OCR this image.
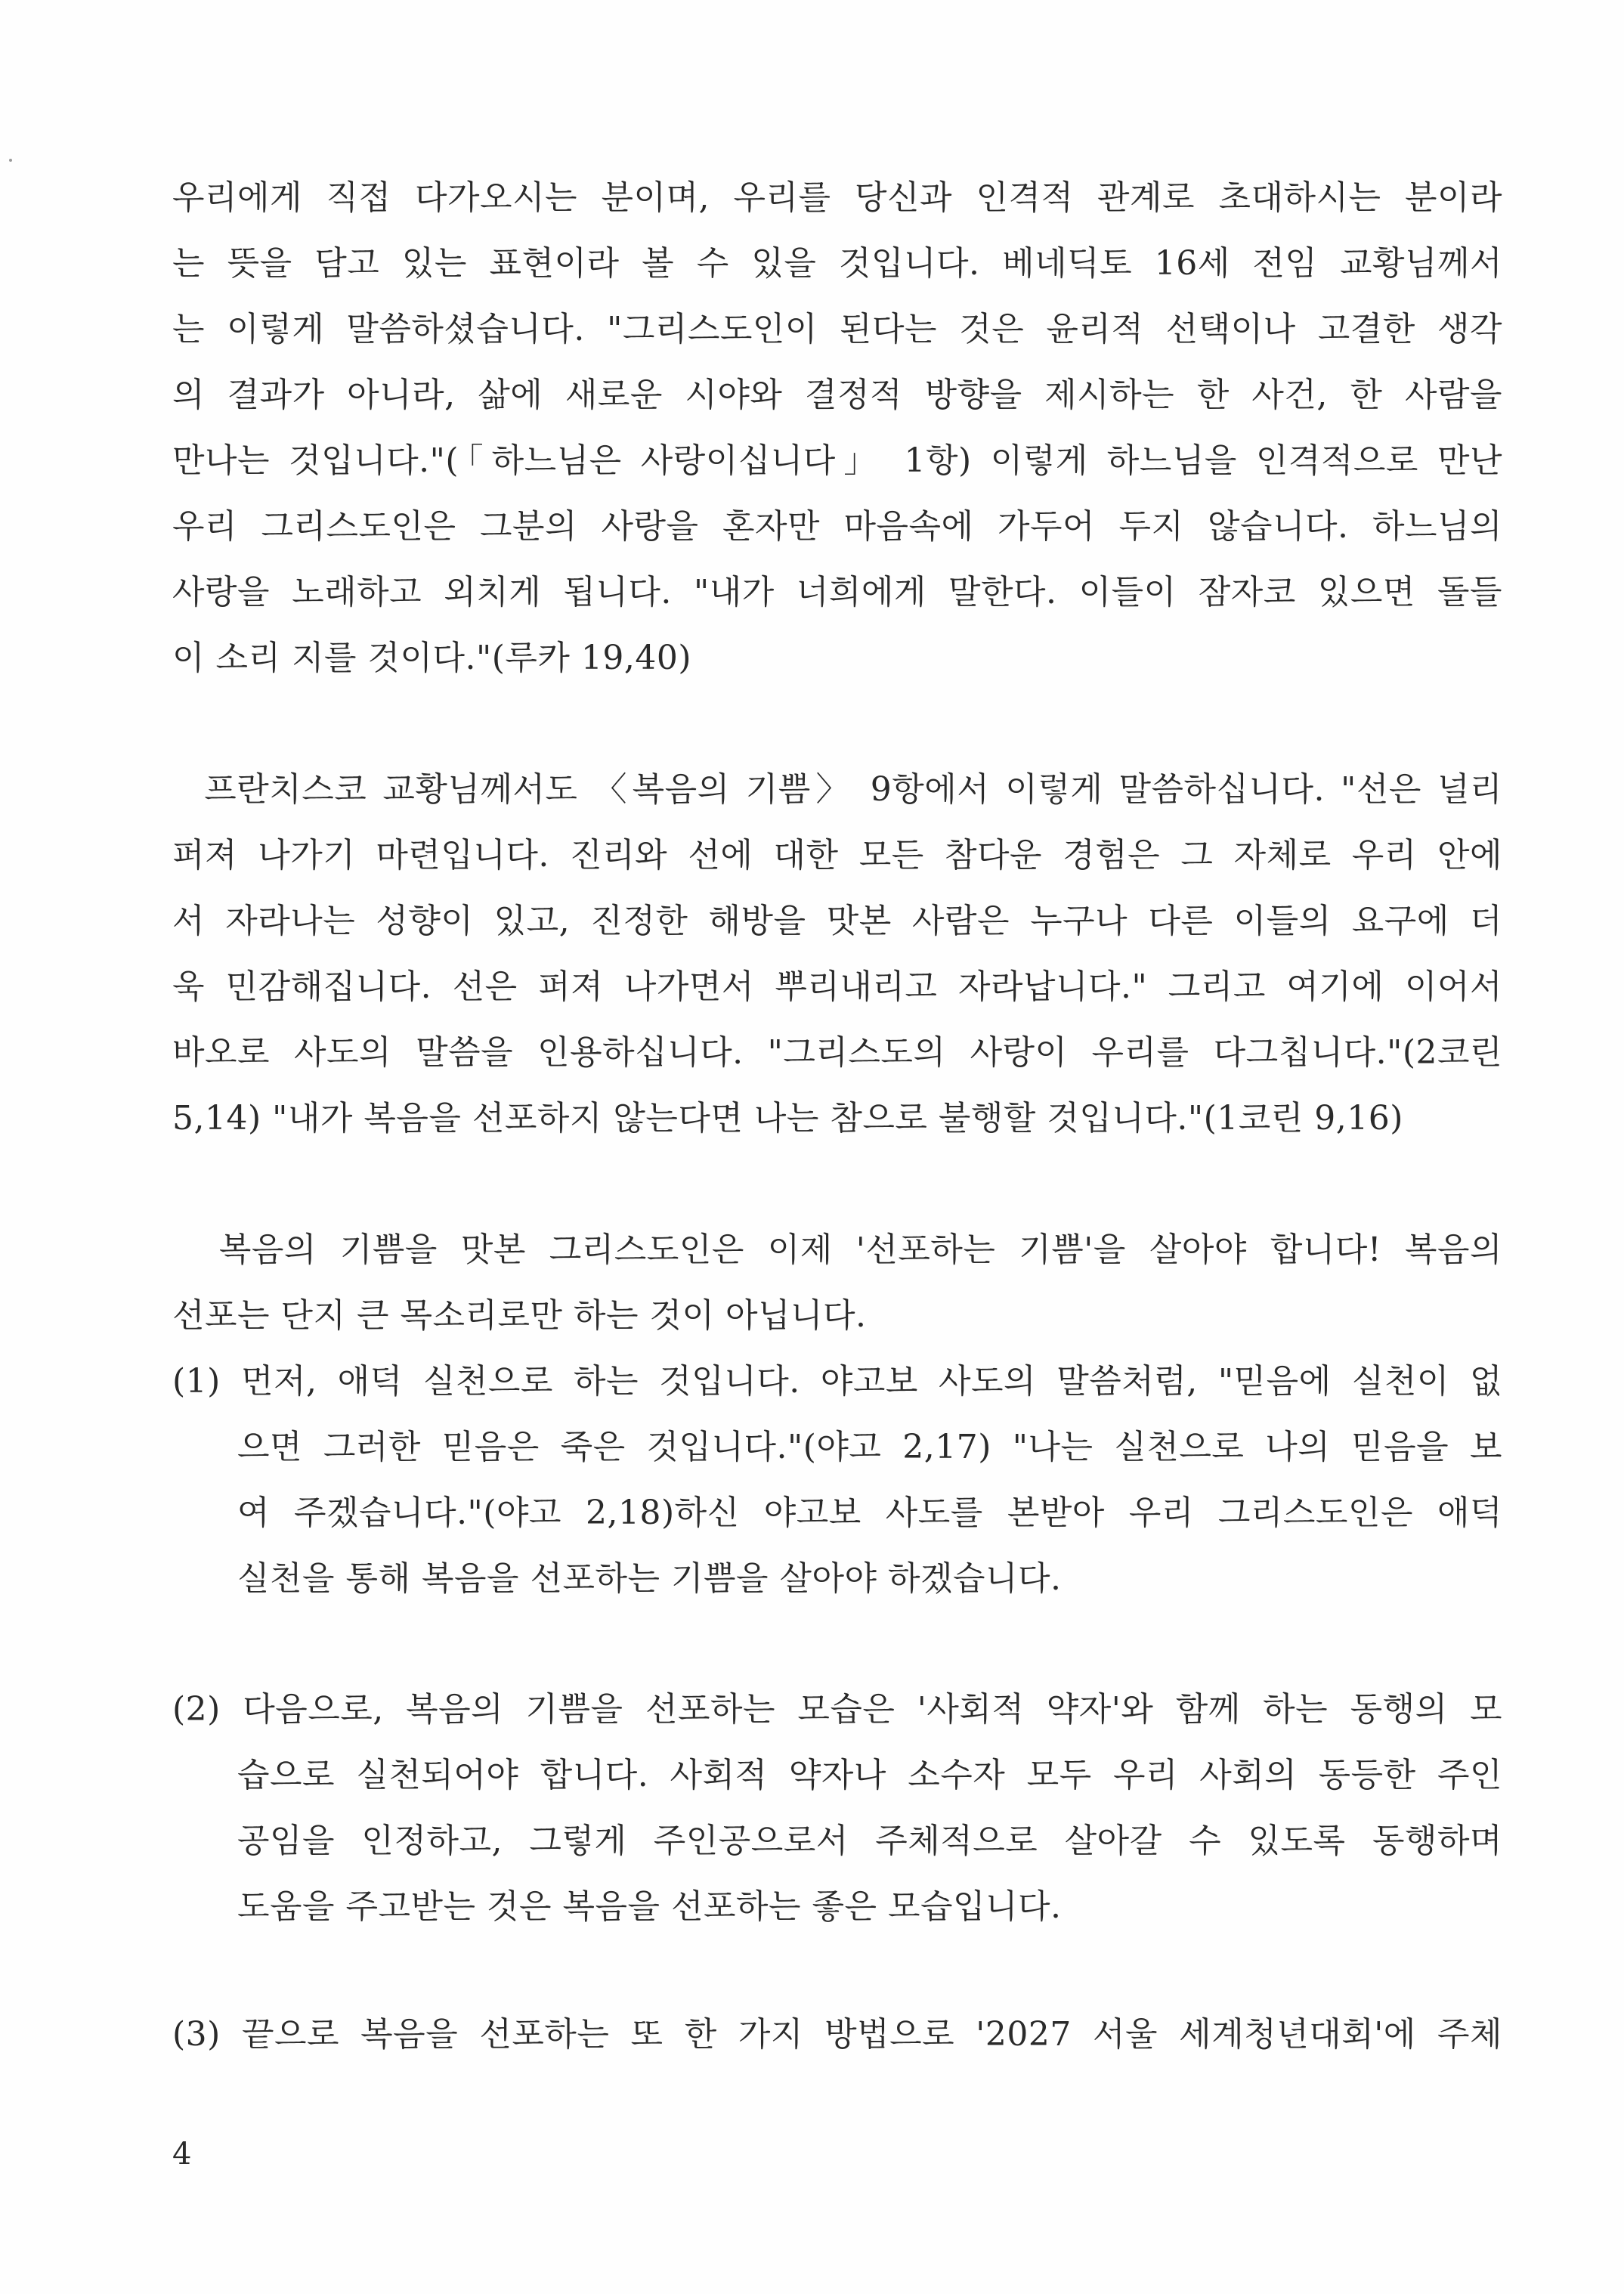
우리에게 직접 다가오시는 분이며, 우리를 당신과 인격적 관계로 초대하시는 분이라
는 뜻을 담고 있는 표현이라 볼 수 있을 것입니다. 베네딕토 16세 전임 교황님께서
는 이렇게 말씀하셨습니다. "그리스도인이 된다는 것은 윤리적 선택이나 고결한 생각
의 결과가 아니라, 삶에 새로운 시야와 결정적 방향을 제시하는 한 사건, 한 사람을
만나는 것입니다."(「하느님은 사랑이십니다」 1항) 이렇게 하느님을 인격적으로 만난
우리 그리스도인은 그분의 사랑을 혼자만 마음속에 가두어 두지 않습니다. 하느님의
사랑을 노래하고 외치게 됩니다. "내가 너희에게 말한다. 이들이 잠자코 있으면 돌들
이 소리 지를 것이다."(루카 19,40)
프란치스코 교황님께서도 〈복음의 기쁨〉 9항에서 이렇게 말씀하십니다. "선은 널리
퍼져 나가기 마련입니다. 진리와 선에 대한 모든 참다운 경험은 그 자체로 우리 안에
서 자라나는 성향이 있고, 진정한 해방을 맛본 사람은 누구나 다른 이들의 요구에 더
욱 민감해집니다. 선은 퍼져 나가면서 뿌리내리고 자라납니다." 그리고 여기에 이어서
바오로 사도의 말씀을 인용하십니다. "그리스도의 사랑이 우리를 다그칩니다."(2코린
5,14) "내가 복음을 선포하지 않는다면 나는 참으로 불행할 것입니다."(1코린 9,16)
복음의 기쁨을 맛본 그리스도인은 이제 '선포하는 기쁨'을 살아야 합니다! 복음의
선포는 단지 큰 목소리로만 하는 것이 아닙니다.
(1) 먼저, 애덕 실천으로 하는 것입니다. 야고보 사도의 말씀처럼, "믿음에 실천이 없
으면 그러한 믿음은 죽은 것입니다."(야고 2,17) "나는 실천으로 나의 믿음을 보
여 주겠습니다."(야고 2,18)하신 야고보 사도를 본받아 우리 그리스도인은 애덕
실천을 통해 복음을 선포하는 기쁨을 살아야 하겠습니다.
(2) 다음으로, 복음의 기쁨을 선포하는 모습은 '사회적 약자'와 함께 하는 동행의 모
습으로 실천되어야 합니다. 사회적 약자나 소수자 모두 우리 사회의 동등한 주인
공임을 인정하고, 그렇게 주인공으로서 주체적으로 살아갈 수 있도록 동행하며
도움을 주고받는 것은 복음을 선포하는 좋은 모습입니다.
(3) 끝으로 복음을 선포하는 또 한 가지 방법으로 '2027 서울 세계청년대회'에 주체
4
